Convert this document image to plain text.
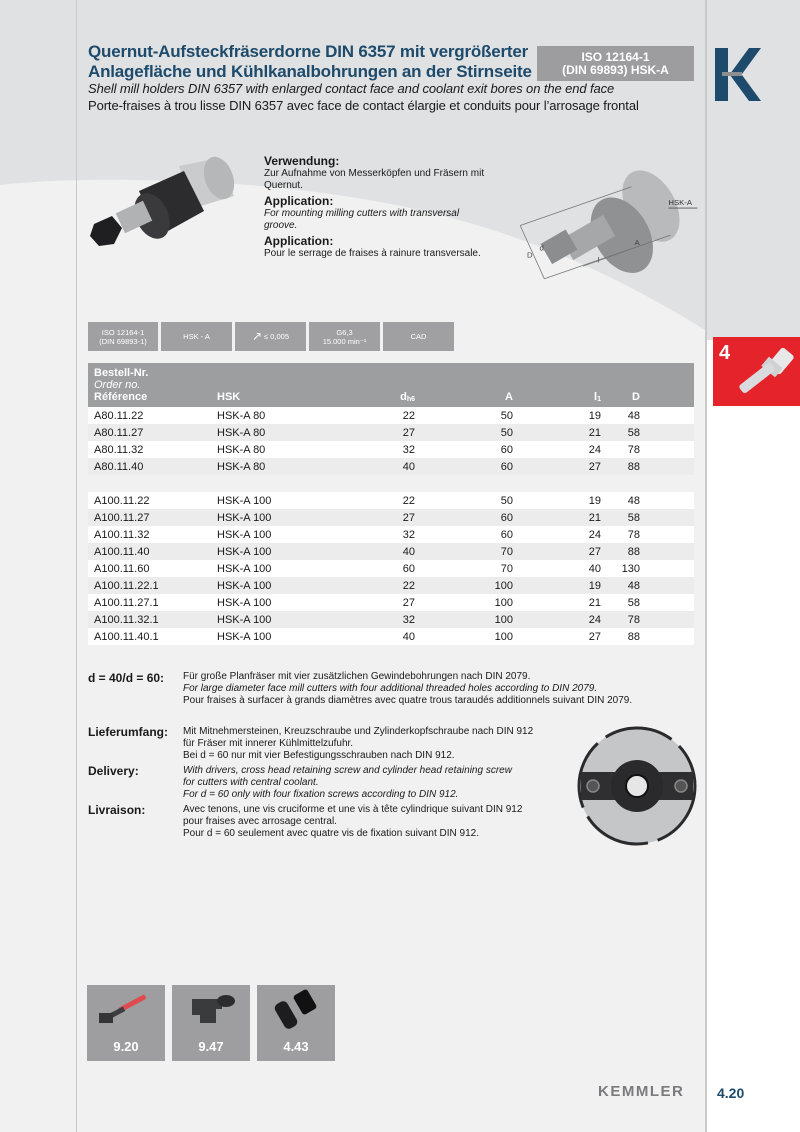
Quernut-Aufsteckfräserdorne DIN 6357 mit vergrößerter Anlagefläche und Kühlkanalbohrungen an der Stirnseite
Shell mill holders DIN 6357 with enlarged contact face and coolant exit bores on the end face
Porte-fraises à trou lisse DIN 6357 avec face de contact élargie et conduits pour l’arrosage frontal
ISO 12164-1
(DIN 69893) HSK-A
Verwendung:
Zur Aufnahme von Messerköpfen und Fräsern mit Quernut.
Application:
For mounting milling cutters with transversal groove.
Application:
Pour le serrage de fraises à rainure transversale.	D
d
l
A
HSK-A
ISO 12164-1
(DIN 69893-1)	HSK - A	↗ ≤ 0,005	G6,3
15.000 min⁻¹	CAD
4
Bestell-Nr.
Order no.
Référence	HSK	$d_{h6}$	A	$l_1$	D
A80.11.22	HSK-A 80	22	50	19	48
A80.11.27	HSK-A 80	27	50	21	58
A80.11.32	HSK-A 80	32	60	24	78
A80.11.40	HSK-A 80	40	60	27	88

A100.11.22	HSK-A 100	22	50	19	48
A100.11.27	HSK-A 100	27	60	21	58
A100.11.32	HSK-A 100	32	60	24	78
A100.11.40	HSK-A 100	40	70	27	88
A100.11.60	HSK-A 100	60	70	40	130
A100.11.22.1	HSK-A 100	22	100	19	48
A100.11.27.1	HSK-A 100	27	100	21	58
A100.11.32.1	HSK-A 100	32	100	24	78
A100.11.40.1	HSK-A 100	40	100	27	88
d = 40/d = 60: Für große Planfräser mit vier zusätzlichen Gewindebohrungen nach DIN 2079.
For large diameter face mill cutters with four additional threaded holes according to DIN 2079.
Pour fraises à surfacer à grands diamètres avec quatre trous taraudés additionnels suivant DIN 2079.
Lieferumfang:	Mit Mitnehmersteinen, Kreuzschraube und Zylinderkopfschraube nach DIN 912
für Fräser mit innerer Kühlmittelzufuhr.
Bei d = 60 nur mit vier Befestigungsschrauben nach DIN 912.
Delivery:	With drivers, cross head retaining screw and cylinder head retaining screw
for cutters with central coolant.
For d = 60 only with four fixation screws according to DIN 912.
Livraison:	Avec tenons, une vis cruciforme et une vis à tête cylindrique suivant DIN 912
pour fraises avec arrosage central.
Pour d = 60 seulement avec quatre vis de fixation suivant DIN 912.
9.20	9.47	4.43
KEMMLER 4.20
